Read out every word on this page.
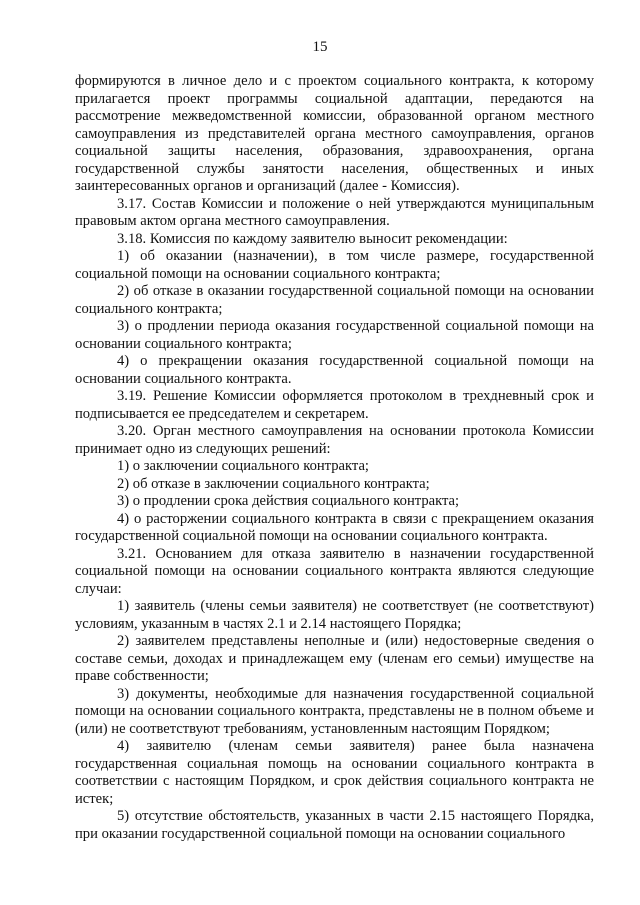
15

формируются в личное дело и с проектом социального контракта, к которому прилагается проект программы социальной адаптации, передаются на рассмотрение межведомственной комиссии, образованной органом местного самоуправления из представителей органа местного самоуправления, органов социальной защиты населения, образования, здравоохранения, органа государственной службы занятости населения, общественных и иных заинтересованных органов и организаций (далее - Комиссия).

3.17. Состав Комиссии и положение о ней утверждаются муниципальным правовым актом органа местного самоуправления.

3.18. Комиссия по каждому заявителю выносит рекомендации:

1) об оказании (назначении), в том числе размере, государственной социальной помощи на основании социального контракта;

2) об отказе в оказании государственной социальной помощи на основании социального контракта;

3) о продлении периода оказания государственной социальной помощи на основании социального контракта;

4) о прекращении оказания государственной социальной помощи на основании социального контракта.

3.19. Решение Комиссии оформляется протоколом в трехдневный срок и подписывается ее председателем и секретарем.

3.20. Орган местного самоуправления на основании протокола Комиссии принимает одно из следующих решений:

1) о заключении социального контракта;

2) об отказе в заключении социального контракта;

3) о продлении срока действия социального контракта;

4) о расторжении социального контракта в связи с прекращением оказания государственной социальной помощи на основании социального контракта.

3.21. Основанием для отказа заявителю в назначении государственной социальной помощи на основании социального контракта являются следующие случаи:

1) заявитель (члены семьи заявителя) не соответствует (не соответствуют) условиям, указанным в частях 2.1 и 2.14 настоящего Порядка;

2) заявителем представлены неполные и (или) недостоверные сведения о составе семьи, доходах и принадлежащем ему (членам его семьи) имуществе на праве собственности;

3) документы, необходимые для назначения государственной социальной помощи на основании социального контракта, представлены не в полном объеме и (или) не соответствуют требованиям, установленным настоящим Порядком;

4) заявителю (членам семьи заявителя) ранее была назначена государственная социальная помощь на основании социального контракта в соответствии с настоящим Порядком, и срок действия социального контракта не истек;

5) отсутствие обстоятельств, указанных в части 2.15 настоящего Порядка, при оказании государственной социальной помощи на основании социального
